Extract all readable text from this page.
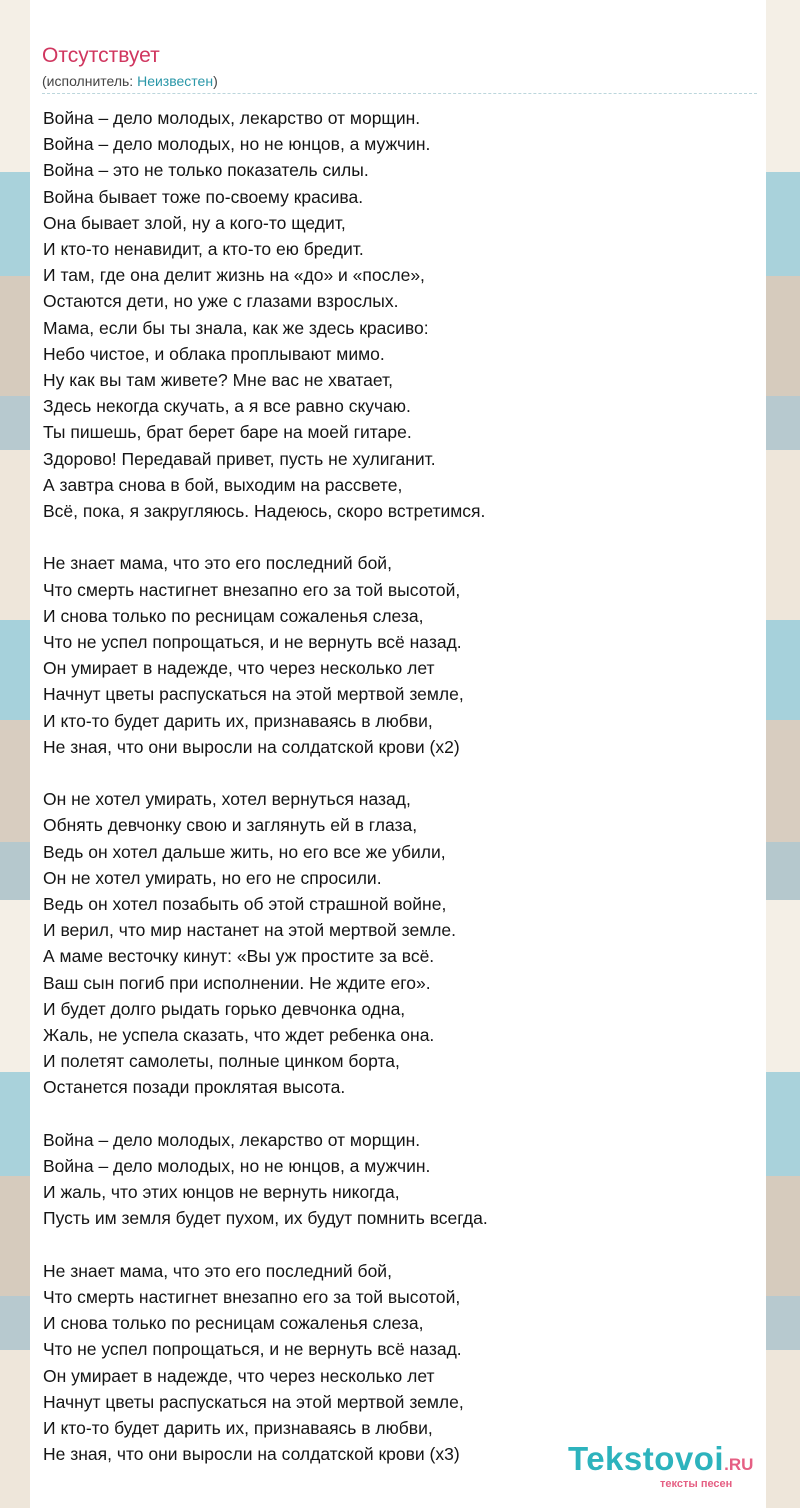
Отсутствует
(исполнитель: Неизвестен)
Война – дело молодых, лекарство от морщин.
Война – дело молодых, но не юнцов, а мужчин.
Война – это не только показатель силы.
Война бывает тоже по-своему красива.
Она бывает злой, ну а кого-то щедит,
И кто-то ненавидит, а кто-то ею бредит.
И там, где она делит жизнь на «до» и «после»,
Остаются дети, но уже с глазами взрослых.
Мама, если бы ты знала, как же здесь красиво:
Небо чистое, и облака проплывают мимо.
Ну как вы там живете? Мне вас не хватает,
Здесь некогда скучать, а я все равно скучаю.
Ты пишешь, брат берет баре на моей гитаре.
Здорово! Передавай привет, пусть не хулиганит.
А завтра снова в бой, выходим на рассвете,
Всё, пока, я закругляюсь. Надеюсь, скоро встретимся.
Не знает мама, что это его последний бой,
Что смерть настигнет внезапно его за той высотой,
И снова только по ресницам сожаленья слеза,
Что не успел попрощаться, и не вернуть всё назад.
Он умирает в надежде, что через несколько лет
Начнут цветы распускаться на этой мертвой земле,
И кто-то будет дарить их, признаваясь в любви,
Не зная, что они выросли на солдатской крови (x2)
Он не хотел умирать, хотел вернуться назад,
Обнять девчонку свою и заглянуть ей в глаза,
Ведь он хотел дальше жить, но его все же убили,
Он не хотел умирать, но его не спросили.
Ведь он хотел позабыть об этой страшной войне,
И верил, что мир настанет на этой мертвой земле.
А маме весточку кинут: «Вы уж простите за всё.
Ваш сын погиб при исполнении. Не ждите его».
И будет долго рыдать горько девчонка одна,
Жаль, не успела сказать, что ждет ребенка она.
И полетят самолеты, полные цинком борта,
Останется позади проклятая высота.
Война – дело молодых, лекарство от морщин.
Война – дело молодых, но не юнцов, а мужчин.
И жаль, что этих юнцов не вернуть никогда,
Пусть им земля будет пухом, их будут помнить всегда.
Не знает мама, что это его последний бой,
Что смерть настигнет внезапно его за той высотой,
И снова только по ресницам сожаленья слеза,
Что не успел попрощаться, и не вернуть всё назад.
Он умирает в надежде, что через несколько лет
Начнут цветы распускаться на этой мертвой земле,
И кто-то будет дарить их, признаваясь в любви,
Не зная, что они выросли на солдатской крови (x3)	Tekstovoi.RU
тексты песен
